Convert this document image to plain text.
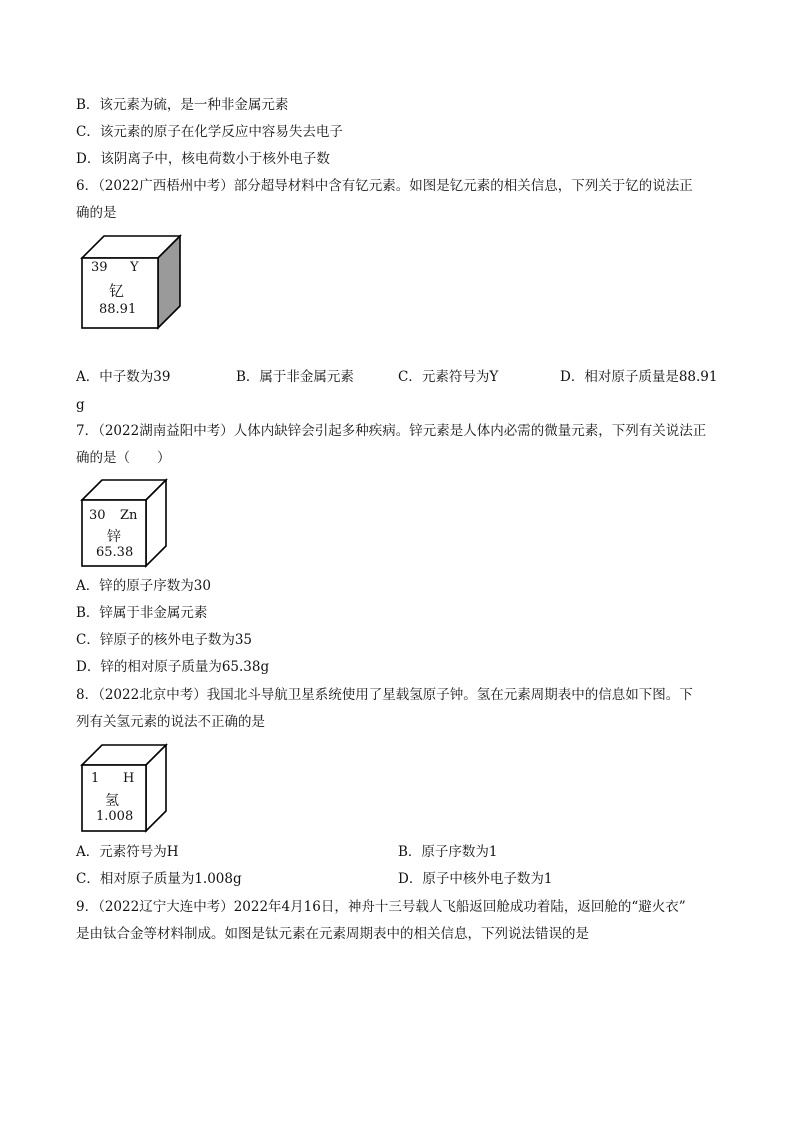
B．该元素为硫，是一种非金属元素
C．该元素的原子在化学反应中容易失去电子
D．该阴离子中，核电荷数小于核外电子数
6．（2022广西梧州中考）部分超导材料中含有钇元素。如图是钇元素的相关信息，下列关于钇的说法正
确的是
39 Y
钇
88.91
A．中子数为39	B．属于非金属元素	C．元素符号为Y	D．相对原子质量是88.91
g
7．（2022湖南益阳中考）人体内缺锌会引起多种疾病。锌元素是人体内必需的微量元素，下列有关说法正
确的是（　　）
30 Zn
锌
65.38
A．锌的原子序数为30
B．锌属于非金属元素
C．锌原子的核外电子数为35
D．锌的相对原子质量为65.38g
8．（2022北京中考）我国北斗导航卫星系统使用了星载氢原子钟。氢在元素周期表中的信息如下图。下
列有关氢元素的说法不正确的是
1 H
氢
1.008
A．元素符号为H	B．原子序数为1
C．相对原子质量为1.008g	D．原子中核外电子数为1
9．（2022辽宁大连中考）2022年4月16日，神舟十三号载人飞船返回舱成功着陆，返回舱的“避火衣”
是由钛合金等材料制成。如图是钛元素在元素周期表中的相关信息，下列说法错误的是
